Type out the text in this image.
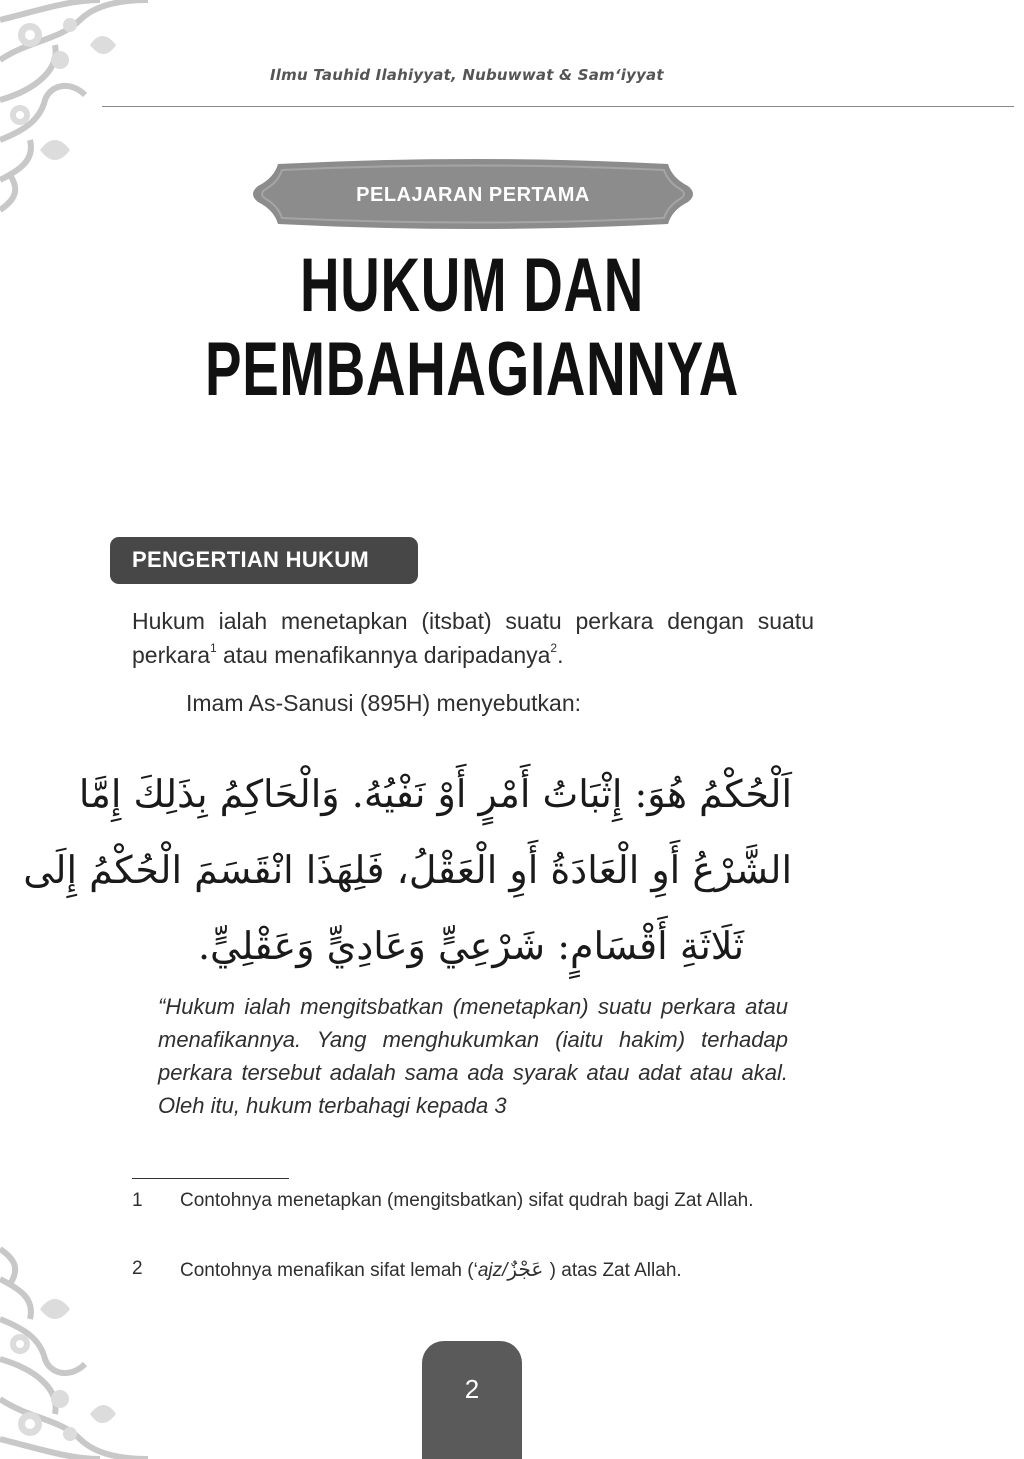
Ilmu Tauhid Ilahiyyat, Nubuwwat & Sam‘iyyat
PELAJARAN PERTAMA
HUKUM DAN
PEMBAHAGIANNYA
PENGERTIAN HUKUM
Hukum ialah menetapkan (itsbat) suatu perkara dengan suatu perkara$^1$ atau menafikannya daripadanya$^2$.
Imam As-Sanusi (895H) menyebutkan:
اَلْحُكْمُ هُوَ: إِثْبَاتُ أَمْرٍ أَوْ نَفْيُهُ. وَالْحَاكِمُ بِذَلِكَ إِمَّا
الشَّرْعُ أَوِ الْعَادَةُ أَوِ الْعَقْلُ، فَلِهَذَا انْقَسَمَ الْحُكْمُ إِلَى
ثَلَاثَةِ أَقْسَامٍ: شَرْعِيٍّ وَعَادِيٍّ وَعَقْلِيٍّ.
“Hukum ialah mengitsbatkan (menetapkan) suatu perkara atau menafikannya. Yang menghukumkan (iaitu hakim) terhadap perkara tersebut adalah sama ada syarak atau adat atau akal. Oleh itu, hukum terbahagi kepada 3
1	Contohnya menetapkan (mengitsbatkan) sifat qudrah bagi Zat Allah.
2	Contohnya menafikan sifat lemah (‘ajz/ عَجْزٌ) atas Zat Allah.
2
